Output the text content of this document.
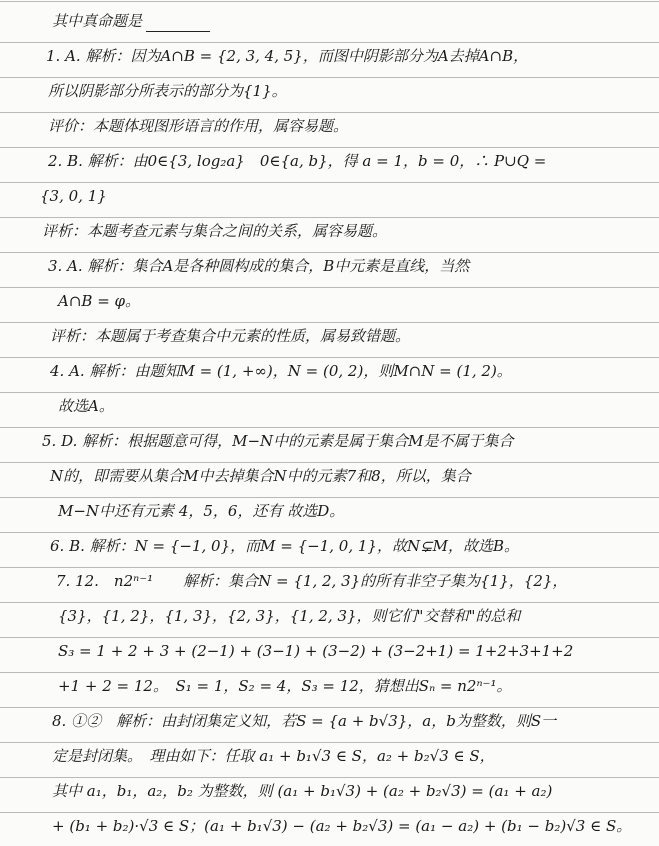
其中真命题是
1. A. 解析：因为A∩B = {2, 3, 4, 5}，而图中阴影部分为A去掉A∩B，
所以阴影部分所表示的部分为{1}。
评价：本题体现图形语言的作用，属容易题。
2. B. 解析：由0∈{3, log₂a}　0∈{a, b}，得 a = 1，b = 0，∴ P∪Q =
{3, 0, 1}
评析：本题考查元素与集合之间的关系，属容易题。
3. A. 解析：集合A是各种圆构成的集合，B中元素是直线，当然
A∩B = φ。
评析：本题属于考查集合中元素的性质，属易致错题。
4. A. 解析：由题知M = (1, +∞)，N = (0, 2)，则M∩N = (1, 2)。
故选A。
5. D. 解析：根据题意可得，M−N中的元素是属于集合M是不属于集合
N的，即需要从集合M中去掉集合N中的元素7和8，所以，集合
M−N中还有元素 4，5，6，还有 故选D。
6. B. 解析：N = {−1, 0}，而M = {−1, 0, 1}，故N⊊M，故选B。
7. 12.　n2ⁿ⁻¹　　解析：集合N = {1, 2, 3}的所有非空子集为{1}，{2}，
{3}，{1, 2}，{1, 3}，{2, 3}，{1, 2, 3}，则它们"交替和"的总和
S₃ = 1 + 2 + 3 + (2−1) + (3−1) + (3−2) + (3−2+1) = 1+2+3+1+2
+1 + 2 = 12。　S₁ = 1，S₂ = 4，S₃ = 12，猜想出Sₙ = n2ⁿ⁻¹。
8. ①②　解析：由封闭集定义知，若S = {a + b√3}，a，b为整数，则S一
定是封闭集。　理由如下：任取 a₁ + b₁√3 ∈ S，a₂ + b₂√3 ∈ S，
其中 a₁，b₁，a₂，b₂ 为整数，则 (a₁ + b₁√3) + (a₂ + b₂√3) = (a₁ + a₂)
+ (b₁ + b₂)·√3 ∈ S；(a₁ + b₁√3) − (a₂ + b₂√3) = (a₁ − a₂) + (b₁ − b₂)√3 ∈ S。
